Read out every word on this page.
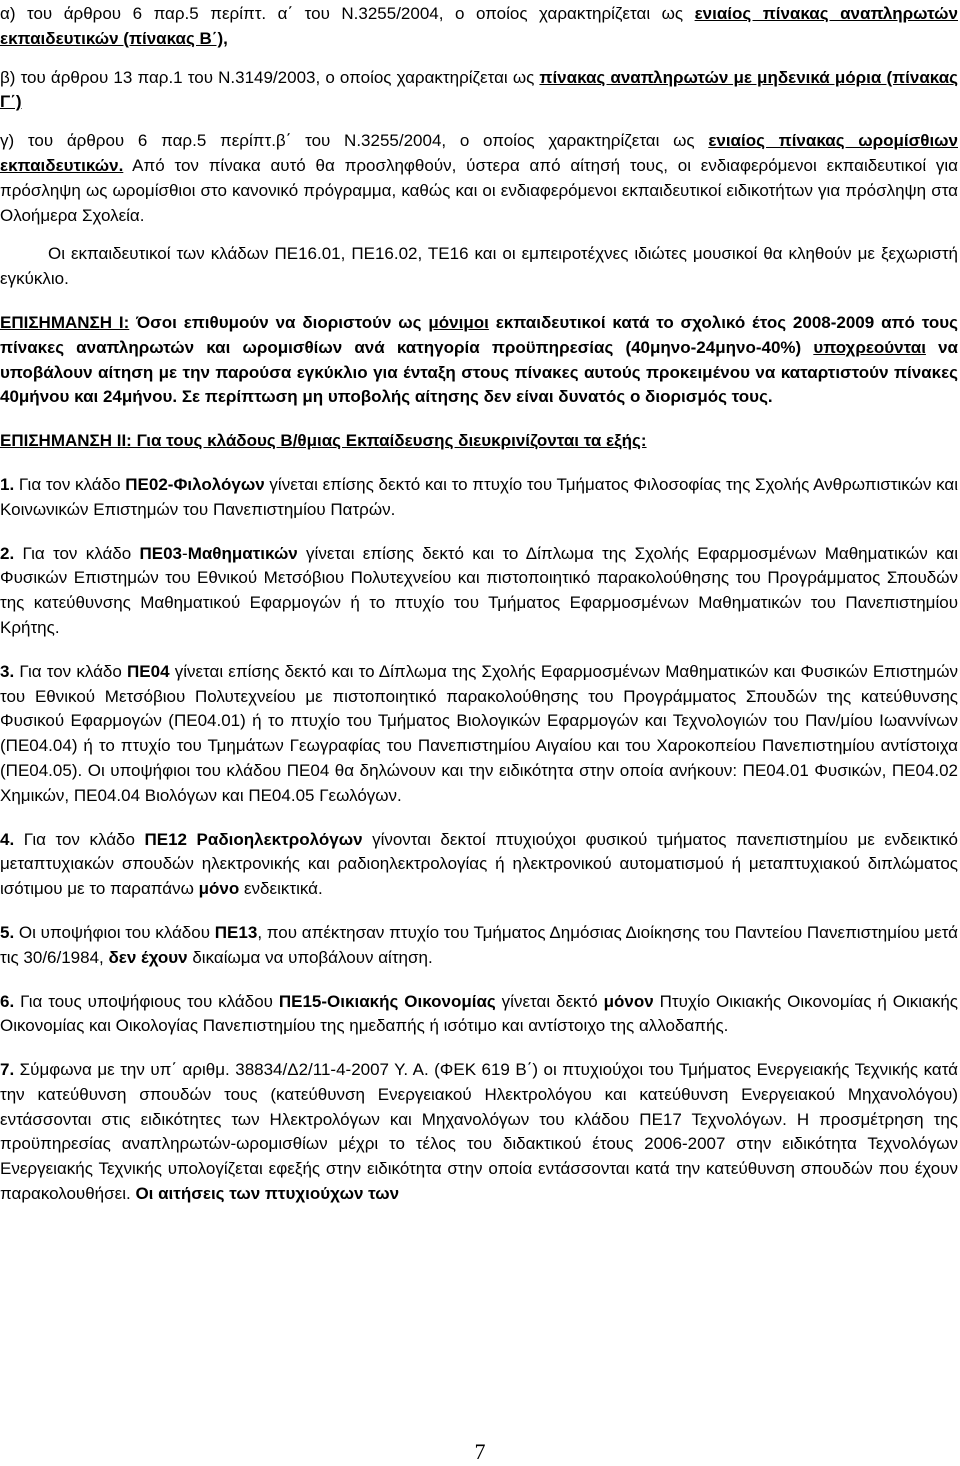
α) του άρθρου 6 παρ.5 περίπτ. α΄ του Ν.3255/2004, ο οποίος χαρακτηρίζεται ως ενιαίος πίνακας αναπληρωτών εκπαιδευτικών (πίνακας Β΄),

β) του άρθρου 13 παρ.1 του Ν.3149/2003, ο οποίος χαρακτηρίζεται ως πίνακας αναπληρωτών με μηδενικά μόρια (πίνακας Γ΄)

γ) του άρθρου 6 παρ.5 περίπτ.β΄ του Ν.3255/2004, ο οποίος χαρακτηρίζεται ως ενιαίος πίνακας ωρομίσθιων εκπαιδευτικών. Από τον πίνακα αυτό θα προσληφθούν, ύστερα από αίτησή τους, οι ενδιαφερόμενοι εκπαιδευτικοί για πρόσληψη ως ωρομίσθιοι στο κανονικό πρόγραμμα, καθώς και οι ενδιαφερόμενοι εκπαιδευτικοί ειδικοτήτων για πρόσληψη στα Ολοήμερα Σχολεία.

Οι εκπαιδευτικοί των κλάδων ΠΕ16.01, ΠΕ16.02, ΤΕ16 και οι εμπειροτέχνες ιδιώτες μουσικοί θα κληθούν με ξεχωριστή εγκύκλιο.

ΕΠΙΣΗΜΑΝΣΗ Ι: Όσοι επιθυμούν να διοριστούν ως μόνιμοι εκπαιδευτικοί κατά το σχολικό έτος 2008-2009 από τους πίνακες αναπληρωτών και ωρομισθίων ανά κατηγορία προϋπηρεσίας (40μηνο-24μηνο-40%) υποχρεούνται να υποβάλουν αίτηση με την παρούσα εγκύκλιο για ένταξη στους πίνακες αυτούς προκειμένου να καταρτιστούν πίνακες 40μήνου και 24μήνου. Σε περίπτωση μη υποβολής αίτησης δεν είναι δυνατός ο διορισμός τους.

ΕΠΙΣΗΜΑΝΣΗ ΙΙ: Για τους κλάδους Β/θμιας Εκπαίδευσης διευκρινίζονται τα εξής:

1. Για τον κλάδο ΠΕ02-Φιλολόγων γίνεται επίσης δεκτό και το πτυχίο του Τμήματος Φιλοσοφίας της Σχολής Ανθρωπιστικών και Κοινωνικών Επιστημών του Πανεπιστημίου Πατρών.

2. Για τον κλάδο ΠΕ03-Μαθηματικών γίνεται επίσης δεκτό και το Δίπλωμα της Σχολής Εφαρμοσμένων Μαθηματικών και Φυσικών Επιστημών του Εθνικού Μετσόβιου Πολυτεχνείου και πιστοποιητικό παρακολούθησης του Προγράμματος Σπουδών της κατεύθυνσης Μαθηματικού Εφαρμογών ή το πτυχίο του Τμήματος Εφαρμοσμένων Μαθηματικών του Πανεπιστημίου Κρήτης.

3. Για τον κλάδο ΠΕ04 γίνεται επίσης δεκτό και το Δίπλωμα της Σχολής Εφαρμοσμένων Μαθηματικών και Φυσικών Επιστημών του Εθνικού Μετσόβιου Πολυτεχνείου με πιστοποιητικό παρακολούθησης του Προγράμματος Σπουδών της κατεύθυνσης Φυσικού Εφαρμογών (ΠΕ04.01) ή το πτυχίο του Τμήματος Βιολογικών Εφαρμογών και Τεχνολογιών του Παν/μίου Ιωαννίνων (ΠΕ04.04) ή το πτυχίο του Τμημάτων Γεωγραφίας του Πανεπιστημίου Αιγαίου και του Χαροκοπείου Πανεπιστημίου αντίστοιχα (ΠΕ04.05). Οι υποψήφιοι του κλάδου ΠΕ04 θα δηλώνουν και την ειδικότητα στην οποία ανήκουν: ΠΕ04.01 Φυσικών, ΠΕ04.02 Χημικών, ΠΕ04.04 Βιολόγων και ΠΕ04.05 Γεωλόγων.

4. Για τον κλάδο ΠΕ12 Ραδιοηλεκτρολόγων γίνονται δεκτοί πτυχιούχοι φυσικού τμήματος πανεπιστημίου με ενδεικτικό μεταπτυχιακών σπουδών ηλεκτρονικής και ραδιοηλεκτρολογίας ή ηλεκτρονικού αυτοματισμού ή μεταπτυχιακού διπλώματος ισότιμου με το παραπάνω μόνο ενδεικτικά.

5. Οι υποψήφιοι του κλάδου ΠΕ13, που απέκτησαν πτυχίο του Τμήματος Δημόσιας Διοίκησης του Παντείου Πανεπιστημίου μετά τις 30/6/1984, δεν έχουν δικαίωμα να υποβάλουν αίτηση.

6. Για τους υποψήφιους του κλάδου ΠΕ15-Οικιακής Οικονομίας γίνεται δεκτό μόνον Πτυχίο Οικιακής Οικονομίας ή Οικιακής Οικονομίας και Οικολογίας Πανεπιστημίου της ημεδαπής ή ισότιμο και αντίστοιχο της αλλοδαπής.

7. Σύμφωνα με την υπ΄ αριθμ. 38834/Δ2/11-4-2007 Υ. Α. (ΦΕΚ 619 Β΄) οι πτυχιούχοι του Τμήματος Ενεργειακής Τεχνικής κατά την κατεύθυνση σπουδών τους (κατεύθυνση Ενεργειακού Ηλεκτρολόγου και κατεύθυνση Ενεργειακού Μηχανολόγου) εντάσσονται στις ειδικότητες των Ηλεκτρολόγων και Μηχανολόγων του κλάδου ΠΕ17 Τεχνολόγων. Η προσμέτρηση της προϋπηρεσίας αναπληρωτών-ωρομισθίων μέχρι το τέλος του διδακτικού έτους 2006-2007 στην ειδικότητα Τεχνολόγων Ενεργειακής Τεχνικής υπολογίζεται εφεξής στην ειδικότητα στην οποία εντάσσονται κατά την κατεύθυνση σπουδών που έχουν παρακολουθήσει. Οι αιτήσεις των πτυχιούχων των

7
